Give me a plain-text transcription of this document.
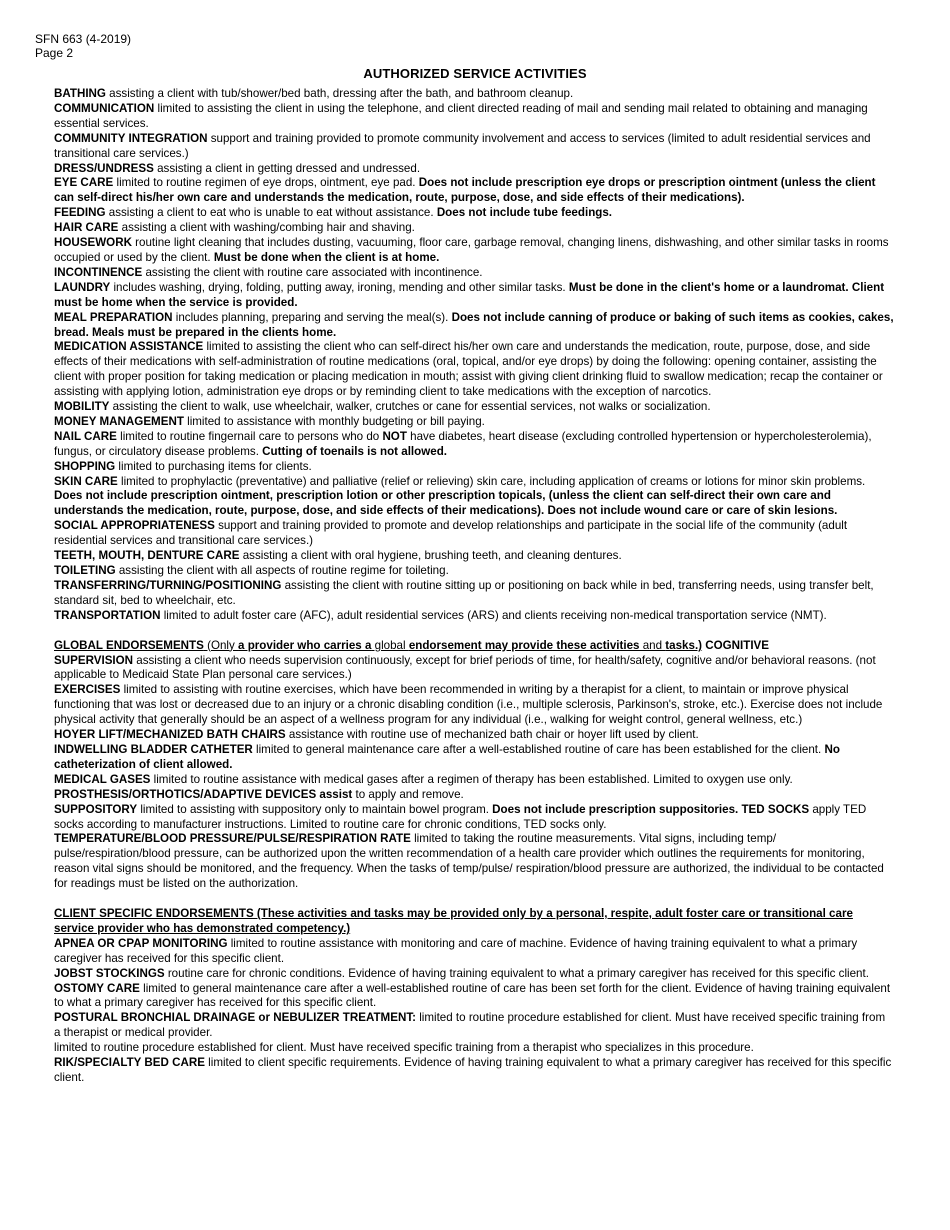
SFN 663 (4-2019)
Page 2
AUTHORIZED SERVICE ACTIVITIES
BATHING assisting a client with tub/shower/bed bath, dressing after the bath, and bathroom cleanup.
COMMUNICATION limited to assisting the client in using the telephone, and client directed reading of mail and sending mail related to obtaining and managing essential services.
COMMUNITY INTEGRATION support and training provided to promote community involvement and access to services (limited to adult residential services and transitional care services.)
DRESS/UNDRESS assisting a client in getting dressed and undressed.
EYE CARE limited to routine regimen of eye drops, ointment, eye pad. Does not include prescription eye drops or prescription ointment (unless the client can self-direct his/her own care and understands the medication, route, purpose, dose, and side effects of their medications).
FEEDING assisting a client to eat who is unable to eat without assistance. Does not include tube feedings.
HAIR CARE assisting a client with washing/combing hair and shaving.
HOUSEWORK routine light cleaning that includes dusting, vacuuming, floor care, garbage removal, changing linens, dishwashing, and other similar tasks in rooms occupied or used by the client. Must be done when the client is at home.
INCONTINENCE assisting the client with routine care associated with incontinence.
LAUNDRY includes washing, drying, folding, putting away, ironing, mending and other similar tasks. Must be done in the client's home or a laundromat. Client must be home when the service is provided.
MEAL PREPARATION includes planning, preparing and serving the meal(s). Does not include canning of produce or baking of such items as cookies, cakes, bread. Meals must be prepared in the clients home.
MEDICATION ASSISTANCE limited to assisting the client who can self-direct his/her own care and understands the medication, route, purpose, dose, and side effects of their medications with self-administration of routine medications (oral, topical, and/or eye drops) by doing the following: opening container, assisting the client with proper position for taking medication or placing medication in mouth; assist with giving client drinking fluid to swallow medication; recap the container or assisting with applying lotion, administration eye drops or by reminding client to take medications with the exception of narcotics.
MOBILITY assisting the client to walk, use wheelchair, walker, crutches or cane for essential services, not walks or socialization.
MONEY MANAGEMENT limited to assistance with monthly budgeting or bill paying.
NAIL CARE limited to routine fingernail care to persons who do NOT have diabetes, heart disease (excluding controlled hypertension or hypercholesterolemia), fungus, or circulatory disease problems. Cutting of toenails is not allowed.
SHOPPING limited to purchasing items for clients.
SKIN CARE limited to prophylactic (preventative) and palliative (relief or relieving) skin care, including application of creams or lotions for minor skin problems. Does not include prescription ointment, prescription lotion or other prescription topicals, (unless the client can self-direct their own care and understands the medication, route, purpose, dose, and side effects of their medications). Does not include wound care or care of skin lesions.
SOCIAL APPROPRIATENESS support and training provided to promote and develop relationships and participate in the social life of the community (adult residential services and transitional care services.)
TEETH, MOUTH, DENTURE CARE assisting a client with oral hygiene, brushing teeth, and cleaning dentures.
TOILETING assisting the client with all aspects of routine regime for toileting.
TRANSFERRING/TURNING/POSITIONING assisting the client with routine sitting up or positioning on back while in bed, transferring needs, using transfer belt, standard sit, bed to wheelchair, etc.
TRANSPORTATION limited to adult foster care (AFC), adult residential services (ARS) and clients receiving non-medical transportation service (NMT).
GLOBAL ENDORSEMENTS (Only a provider who carries a global endorsement may provide these activities and tasks.) COGNITIVE
SUPERVISION assisting a client who needs supervision continuously, except for brief periods of time, for health/safety, cognitive and/or behavioral reasons. (not applicable to Medicaid State Plan personal care services.)
EXERCISES limited to assisting with routine exercises, which have been recommended in writing by a therapist for a client, to maintain or improve physical functioning that was lost or decreased due to an injury or a chronic disabling condition (i.e., multiple sclerosis, Parkinson's, stroke, etc.). Exercise does not include physical activity that generally should be an aspect of a wellness program for any individual (i.e., walking for weight control, general wellness, etc.)
HOYER LIFT/MECHANIZED BATH CHAIRS assistance with routine use of mechanized bath chair or hoyer lift used by client.
INDWELLING BLADDER CATHETER limited to general maintenance care after a well-established routine of care has been established for the client. No catheterization of client allowed.
MEDICAL GASES limited to routine assistance with medical gases after a regimen of therapy has been established. Limited to oxygen use only.
PROSTHESIS/ORTHOTICS/ADAPTIVE DEVICES assist to apply and remove.
SUPPOSITORY limited to assisting with suppository only to maintain bowel program. Does not include prescription suppositories. TED SOCKS apply TED socks according to manufacturer instructions. Limited to routine care for chronic conditions, TED socks only.
TEMPERATURE/BLOOD PRESSURE/PULSE/RESPIRATION RATE limited to taking the routine measurements. Vital signs, including temp/ pulse/respiration/blood pressure, can be authorized upon the written recommendation of a health care provider which outlines the requirements for monitoring, reason vital signs should be monitored, and the frequency. When the tasks of temp/pulse/ respiration/blood pressure are authorized, the individual to be contacted for readings must be listed on the authorization.
CLIENT SPECIFIC ENDORSEMENTS (These activities and tasks may be provided only by a personal, respite, adult foster care or transitional care service provider who has demonstrated competency.)
APNEA OR CPAP MONITORING limited to routine assistance with monitoring and care of machine. Evidence of having training equivalent to what a primary caregiver has received for this specific client.
JOBST STOCKINGS routine care for chronic conditions. Evidence of having training equivalent to what a primary caregiver has received for this specific client.
OSTOMY CARE limited to general maintenance care after a well-established routine of care has been set forth for the client. Evidence of having training equivalent to what a primary caregiver has received for this specific client.
POSTURAL BRONCHIAL DRAINAGE or NEBULIZER TREATMENT: limited to routine procedure established for client. Must have received specific training from a therapist or medical provider.
limited to routine procedure established for client. Must have received specific training from a therapist who specializes in this procedure.
RIK/SPECIALTY BED CARE limited to client specific requirements. Evidence of having training equivalent to what a primary caregiver has received for this specific client.
